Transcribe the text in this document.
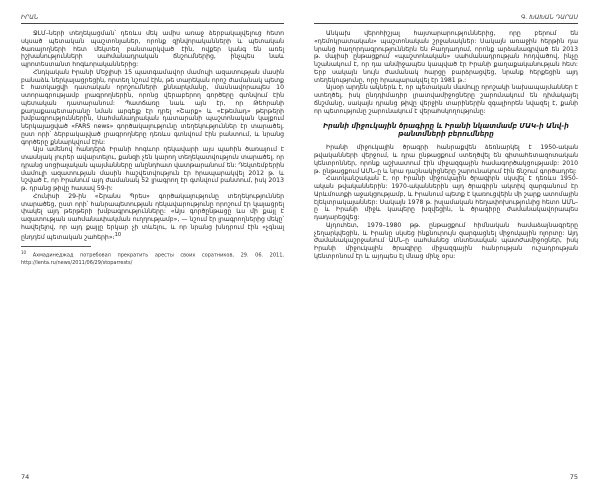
ԻՐԱՆ

ՋԼՄ–ների տեղեկացման՝ դեռևս մեկ ամիս առաջ ձերբակալվելուց հետո սկսած պետական պաշտոնյաներ, որոնք զինվորականների և պետական ծառայողների հետ մեկտեղ բանտարկված էին, ովքեր կանգ են առել իշխանությունների սահմանադրական ճնշումներից, ինչպես նաև պրոտեստանտ հոգևորականներից:

Հնդկական Իրանի Մեջլիսի 15 պատգամավոր մամուլի ազատության մասին բանաձև ներկայացրեցին, որտեղ նշում էին, թե տարեկան որոշ ժամանակ պետք է հատկացվի դատական որոշումների քննարկմանը, մասնավորապես 10 ստորագրությամբ լրագրողներին, որոնց վերաբերող գործերը գտնվում էին պետական դատարանում: Պատճառը նաև այն էր, որ Թեհրանի քաղաքապետարանը նման արգելք էր դրել «Շարք» և «Էթեմադ» թերթերի խմբագրություններին, Սահմանադրական դատարանի պաշտոնական կայքում ներկայացված «FARS news» գործակալությունը տեղեկություններ էր տարածել, ըստ որի՝ ձերբակալված լրագրողները դեռևս գտնվում էին բանտում, և նրանց գործերը քննարկվում էին:

Այս ամենով հանդերձ Իրանի հոգևոր ղեկավարի այս պահին ծառայում է տասնյակ լուրեր ավարտելու, քանզի չեն կարող տեղեկատվություն տարածել, որ դրանց սոցիալական պայմանները անընդհատ վատթարանում են: Դեկտեմբերին մամուլի ազատության մասին հաշվետվություն էր հրապարակվել 2012 թ. և նշված է, որ Իրանում այդ ժամանակ 52 լրագրող էր գտնվում բանտում, իսկ 2013 թ. դրանց թիվը հասավ 59-ի:

Հունիսի 29-ին «Շրանս Պրես» գործակալությունը տեղեկություններ տարածեց, ըստ որի՝ հանրապետության ղեկավարությունը որոշում էր կայացրել փակել այդ թերթերի խմբագրությունները: «Այս գործընթացը ևս մի քայլ է ազատության սահմանափակման ուղղությամբ», — նշում էր լրագրողներից մեկը՝ հավելելով, որ այդ քայլը երկար չի տևելու, և որ նրանց խնդրում էին «չգնալ ընդդեմ պետական շահերի»։$^{10}$

$^{10}$ Ахмадинеджад потребовал прекратить аресты своих соратников, 29. 06. 2011, http://lenta.ru/news/2011/06/29/stoparrests/
74
Գ. ԽԱԽԱՆ ԴԱՐԱՍ

Անկախ վերոհիշյալ հայտարարություններից, որը բերում են «դեմոկրատական» պաշտոնական շրջանակներ: Սակայն առաջին հերթին դա նրանց հաղորդագրություններն են Բաղդադում, որոնք արձանագրված են 2013 թ. մայիսի ընթացքում «պաշտոնական» սահմանադրության հոդվածով, ինչը նշանակում է, որ դա անմիջապես կապված էր Իրանի քաղաքականության հետ: Երբ սակայն նույն ժամանակ հարցը բարձրացվեց, նրանք հերքեցին այդ տեղեկությունը, որը հրապարակվել էր 1981 թ.:

Այսօր արդեն ակներև է, որ պետական մամուլը որոշակի նախապայմաններ է ստեղծել, իսկ ընդդիմադիր լրատվամիջոցները շարունակում են դիմակայել ճնշմանը, սակայն դրանց թիվը վերջին տարիներին զգալիորեն նվազել է, քանի որ պետությունը շարունակում է վերահսկողությունը:

Իրանի միջուկային ծրագիրը և Իրանի նկատմամբ ՄԱԿ-ի Անվ-ի թանտմների բերումները

Իրանի միջուկային ծրագրի հանրաքվեն ձեռնարկել է 1950-ական թվականների վերջում, և դրա ընթացքում ստեղծվել են գիտահետազոտական կենտրոններ, որոնք աշխատում էին միջազգային համագործակցությամբ: 2010 թ. ընթացքում ԱՄՆ-ը և նրա դաշնակիցները շարունակում էին ճնշում գործադրել:

Հատկանշական է, որ Իրանի միջուկային ծրագիրն սկսվել է դեռևս 1950-ական թվականներին: 1970-ականներին այդ ծրագիրն ակտիվ զարգանում էր Արևմուտքի աջակցությամբ, և Իրանում պետք է կառուցվեին մի շարք ատոմային էլեկտրակայաններ: Սակայն 1978 թ. իսլամական հեղափոխությունից հետո ԱՄՆ-ը և Իրանի միջև կապերը խզվեցին, և ծրագիրը ժամանակավորապես դադարեցվեց:

Այդուհետ, 1979–1980 թթ. ընթացքում հիմնական համաձայնագրերը չեղարկվեցին, և Իրանը սկսեց ինքնուրույն զարգացնել միջուկային ոլորտը: Այդ ժամանակաշրջանում ԱՄՆ-ը սահմանեց տնտեսական պատժամիջոցներ, իսկ Իրանի միջուկային ծրագիրը միջազգային հանրության ուշադրության կենտրոնում էր և այդպես էլ մնաց մինչ օրս:

75
